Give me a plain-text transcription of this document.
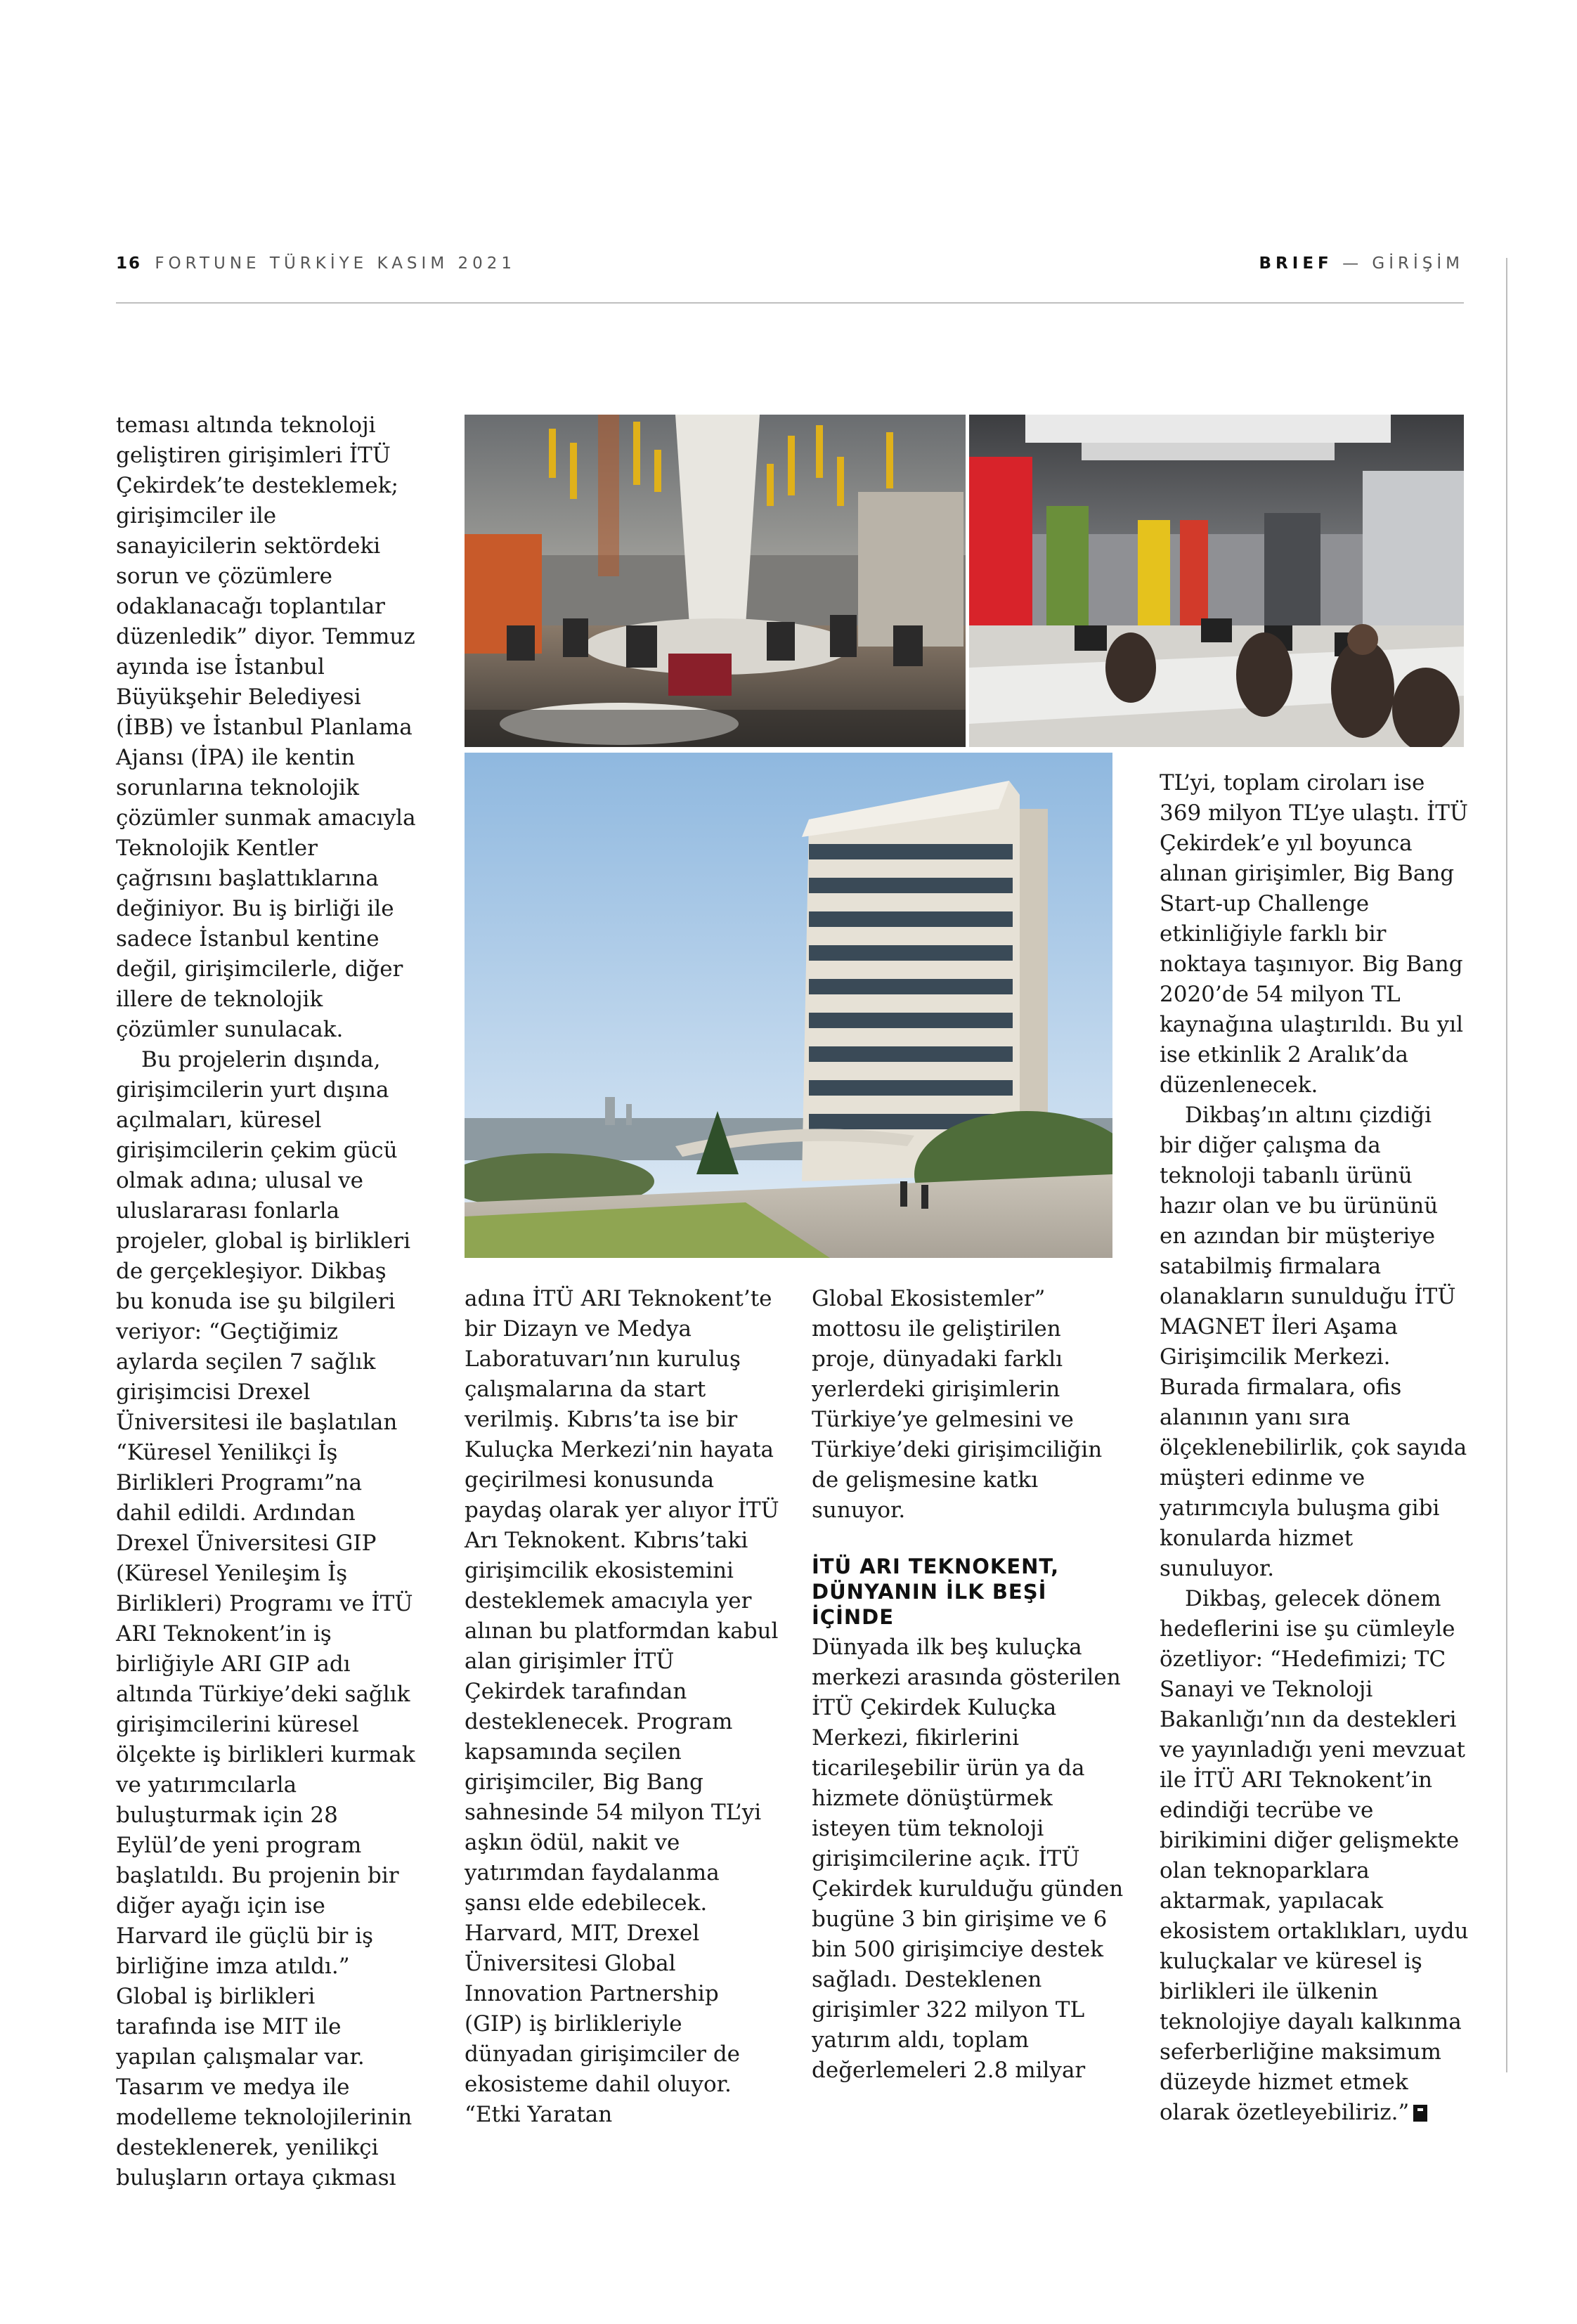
16 FORTUNE TÜRKİYE KASIM 2021	BRIEF — GİRİŞİM

teması altında teknoloji geliştiren girişimleri İTÜ Çekirdek’te desteklemek; girişimciler ile sanayicilerin sektördeki sorun ve çözümlere odaklanacağı toplantılar düzenledik” diyor. Temmuz ayında ise İstanbul Büyükşehir Belediyesi (İBB) ve İstanbul Planlama Ajansı (İPA) ile kentin sorunlarına teknolojik çözümler sunmak amacıyla Teknolojik Kentler çağrısını başlattıklarına değiniyor. Bu iş birliği ile sadece İstanbul kentine değil, girişimcilerle, diğer illere de teknolojik çözümler sunulacak.

Bu projelerin dışında, girişimcilerin yurt dışına açılmaları, küresel girişimcilerin çekim gücü olmak adına; ulusal ve uluslararası fonlarla projeler, global iş birlikleri de gerçekleşiyor. Dikbaş bu konuda ise şu bilgileri veriyor: “Geçtiğimiz aylarda seçilen 7 sağlık girişimcisi Drexel Üniversitesi ile başlatılan “Küresel Yenilikçi İş Birlikleri Programı”na dahil edildi. Ardından Drexel Üniversitesi GIP (Küresel Yenileşim İş Birlikleri) Programı ve İTÜ ARI Teknokent’in iş birliğiyle ARI GIP adı altında Türkiye’deki sağlık girişimcilerini küresel ölçekte iş birlikleri kurmak ve yatırımcılarla buluşturmak için 28 Eylül’de yeni program başlatıldı. Bu projenin bir diğer ayağı için ise Harvard ile güçlü bir iş birliğine imza atıldı.” Global iş birlikleri tarafında ise MIT ile yapılan çalışmalar var. Tasarım ve medya ile modelleme teknolojilerinin desteklenerek, yenilikçi buluşların ortaya çıkması

adına İTÜ ARI Teknokent’te bir Dizayn ve Medya Laboratuvarı’nın kuruluş çalışmalarına da start verilmiş. Kıbrıs’ta ise bir Kuluçka Merkezi’nin hayata geçirilmesi konusunda paydaş olarak yer alıyor İTÜ Arı Teknokent. Kıbrıs’taki girişimcilik ekosistemini desteklemek amacıyla yer alınan bu platformdan kabul alan girişimler İTÜ Çekirdek tarafından desteklenecek. Program kapsamında seçilen girişimciler, Big Bang sahnesinde 54 milyon TL’yi aşkın ödül, nakit ve yatırımdan faydalanma şansı elde edebilecek. Harvard, MIT, Drexel Üniversitesi Global Innovation Partnership (GIP) iş birlikleriyle dünyadan girişimciler de ekosisteme dahil oluyor. “Etki Yaratan

Global Ekosistemler” mottosu ile geliştirilen proje, dünyadaki farklı yerlerdeki girişimlerin Türkiye’ye gelmesini ve Türkiye’deki girişimciliğin de gelişmesine katkı sunuyor.

İTÜ ARI TEKNOKENT, DÜNYANIN İLK BEŞİ İÇİNDE

Dünyada ilk beş kuluçka merkezi arasında gösterilen İTÜ Çekirdek Kuluçka Merkezi, fikirlerini ticarileşebilir ürün ya da hizmete dönüştürmek isteyen tüm teknoloji girişimcilerine açık. İTÜ Çekirdek kurulduğu günden bugüne 3 bin girişime ve 6 bin 500 girişimciye destek sağladı. Desteklenen girişimler 322 milyon TL yatırım aldı, toplam değerlemeleri 2.8 milyar

TL’yi, toplam ciroları ise 369 milyon TL’ye ulaştı. İTÜ Çekirdek’e yıl boyunca alınan girişimler, Big Bang Start-up Challenge etkinliğiyle farklı bir noktaya taşınıyor. Big Bang 2020’de 54 milyon TL kaynağına ulaştırıldı. Bu yıl ise etkinlik 2 Aralık’da düzenlenecek.

Dikbaş’ın altını çizdiği bir diğer çalışma da teknoloji tabanlı ürünü hazır olan ve bu ürününü en azından bir müşteriye satabilmiş firmalara olanakların sunulduğu İTÜ MAGNET İleri Aşama Girişimcilik Merkezi. Burada firmalara, ofis alanının yanı sıra ölçeklenebilirlik, çok sayıda müşteri edinme ve yatırımcıyla buluşma gibi konularda hizmet sunuluyor.

Dikbaş, gelecek dönem hedeflerini ise şu cümleyle özetliyor: “Hedefimizi; TC Sanayi ve Teknoloji Bakanlığı’nın da destekleri ve yayınladığı yeni mevzuat ile İTÜ ARI Teknokent’in edindiği tecrübe ve birikimini diğer gelişmekte olan teknoparklara aktarmak, yapılacak ekosistem ortaklıkları, uydu kuluçkalar ve küresel iş birlikleri ile ülkenin teknolojiye dayalı kalkınma seferberliğine maksimum düzeyde hizmet etmek olarak özetleyebiliriz.”
